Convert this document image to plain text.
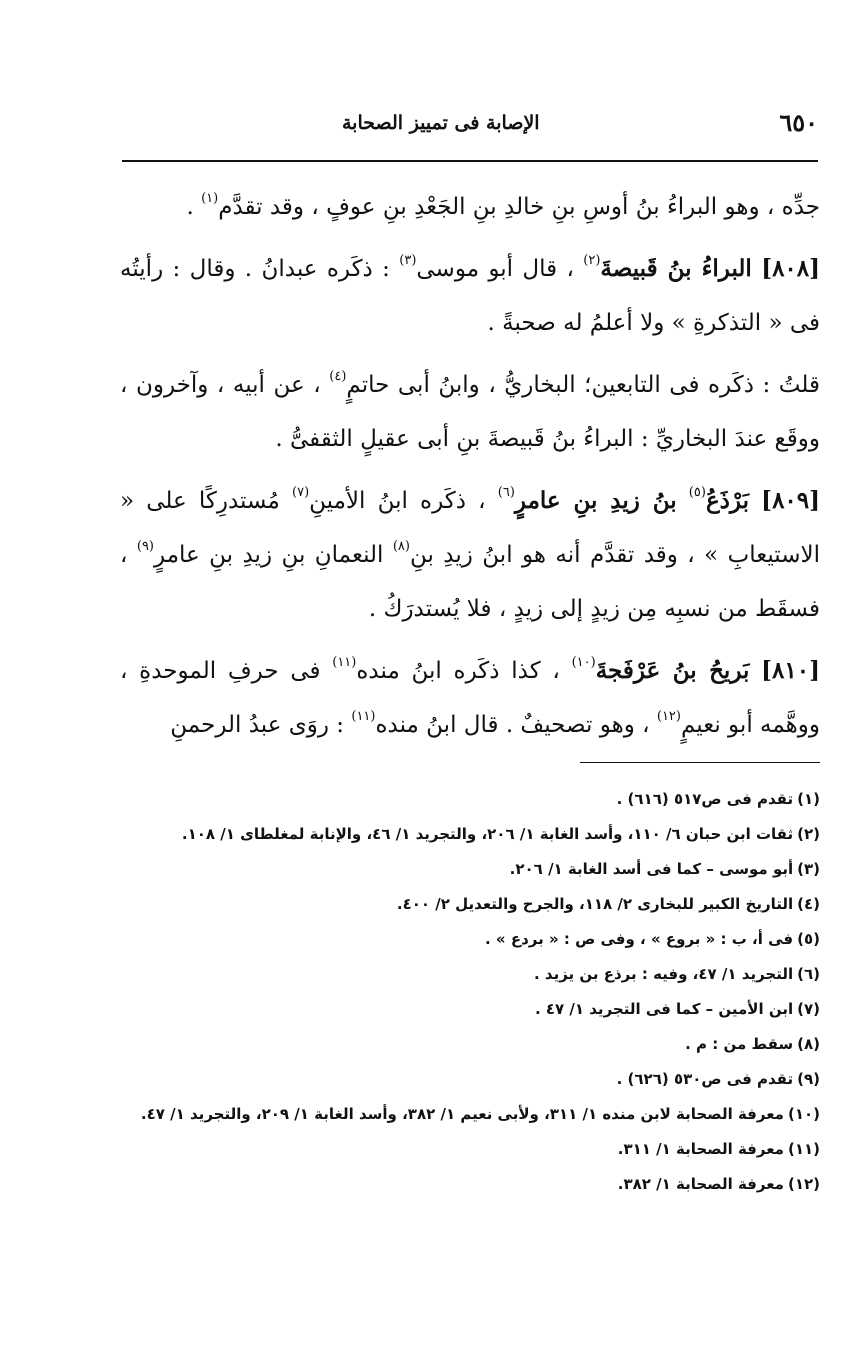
٦٥٠
الإصابة فى تمييز الصحابة

جدِّه ، وهو البراءُ بنُ أوسِ بنِ خالدِ بنِ الجَعْدِ بنِ عوفٍ ، وقد تقدَّم$^{(١)}$ .

[٨٠٨] البراءُ بنُ قَبيصةَ$^{(٢)}$ ، قال أبو موسى$^{(٣)}$ : ذكَره عبدانُ . وقال : رأيتُه فى « التذكرةِ » ولا أعلمُ له صحبةً .

قلتُ : ذكَره فى التابعين؛ البخاريُّ ، وابنُ أبى حاتمٍ$^{(٤)}$ ، عن أبيه ، وآخرون ، ووقَع عندَ البخاريِّ : البراءُ بنُ قَبيصةَ بنِ أبى عقيلٍ الثقفىُّ .

[٨٠٩] بَرْذَعُ$^{(٥)}$ بنُ زيدِ بنِ عامرٍ$^{(٦)}$ ، ذكَره ابنُ الأمينِ$^{(٧)}$ مُستدرِكًا على « الاستيعابِ » ، وقد تقدَّم أنه هو ابنُ زيدِ بنِ$^{(٨)}$ النعمانِ بنِ زيدِ بنِ عامرٍ$^{(٩)}$ ، فسقَط من نسبِه مِن زيدٍ إلى زيدٍ ، فلا يُستدرَكُ .

[٨١٠] بَريحُ بنُ عَرْفَجةَ$^{(١٠)}$ ، كذا ذكَره ابنُ منده$^{(١١)}$ فى حرفِ الموحدةِ ، ووهَّمه أبو نعيمٍ$^{(١٢)}$ ، وهو تصحيفٌ . قال ابنُ منده$^{(١١)}$ : روَى عبدُ الرحمنِ

(١)تقدم فى ص٥١٧ (٦١٦) .

(٢)ثقات ابن حبان ٦/ ١١٠، وأسد الغابة ١/ ٢٠٦، والتجريد ١/ ٤٦، والإنابة لمغلطاى ١/ ١٠٨.

(٣)أبو موسى – كما فى أسد الغابة ١/ ٢٠٦.

(٤)التاريخ الكبير للبخارى ٢/ ١١٨، والجرح والتعديل ٢/ ٤٠٠.

(٥)فى أ، ب : « بروع » ، وفى ص : « بردع » .

(٦)التجريد ١/ ٤٧، وفيه : برذع بن يزيد .

(٧)ابن الأمين – كما فى التجريد ١/ ٤٧ .

(٨)سقط من : م .

(٩)تقدم فى ص٥٣٠ (٦٢٦) .

(١٠)معرفة الصحابة لابن منده ١/ ٣١١، ولأبى نعيم ١/ ٣٨٢، وأسد الغابة ١/ ٢٠٩، والتجريد ١/ ٤٧.

(١١)معرفة الصحابة ١/ ٣١١.

(١٢)معرفة الصحابة ١/ ٣٨٢.
